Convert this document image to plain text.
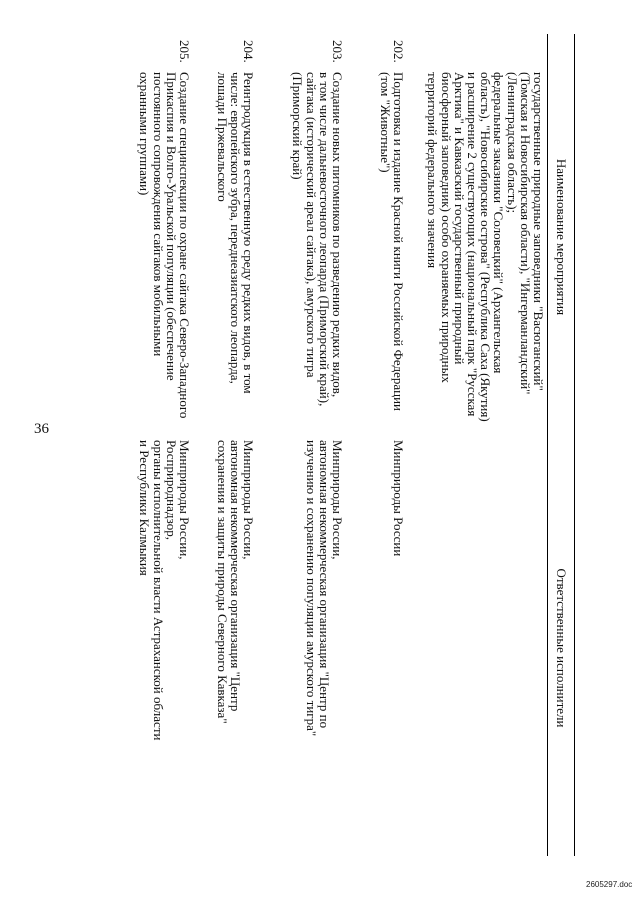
36
2605297.doc
Наименование мероприятия
Ответственные исполнители
государственные природные заповедники "Васюганский"
(Томская и Новосибирская области), "Ингерманландский"
(Ленинградская область);
федеральные заказники "Соловецкий" (Архангельская
область), "Новосибирские острова" (Республика Саха (Якутия)
и расширение 2 существующих (национальный парк "Русская
Арктика" и Кавказский государственный природный
биосферный заповедник) особо охраняемых природных
территорий федерального значения
202.
Подготовка и издание Красной книги Российской Федерации
(том "Животные")
Минприроды России
203.
Создание новых питомников по разведению редких видов,
в том числе дальневосточного леопарда (Приморский край),
сайгака (исторический ареал сайгака), амурского тигра
(Приморский край)
Минприроды России,
автономная некоммерческая организация "Центр по
изучению и сохранению популяции амурского тигра"
204.
Реинтродукция в естественную среду редких видов, в том
числе: европейского зубра, переднеазиатского леопарда,
лошади Пржевальского
Минприроды России,
автономная некоммерческая организация "Центр
сохранения и защиты природы Северного Кавказа"
205.
Создание специнспекции по охране сайгака Северо-Западного
Прикаспия и Волго-Уральской популяции (обеспечение
постоянного сопровождения сайгаков мобильными
охранными группами)
Минприроды России,
Росприроднадзор,
органы исполнительной власти Астраханской области
и Республики Калмыкия
